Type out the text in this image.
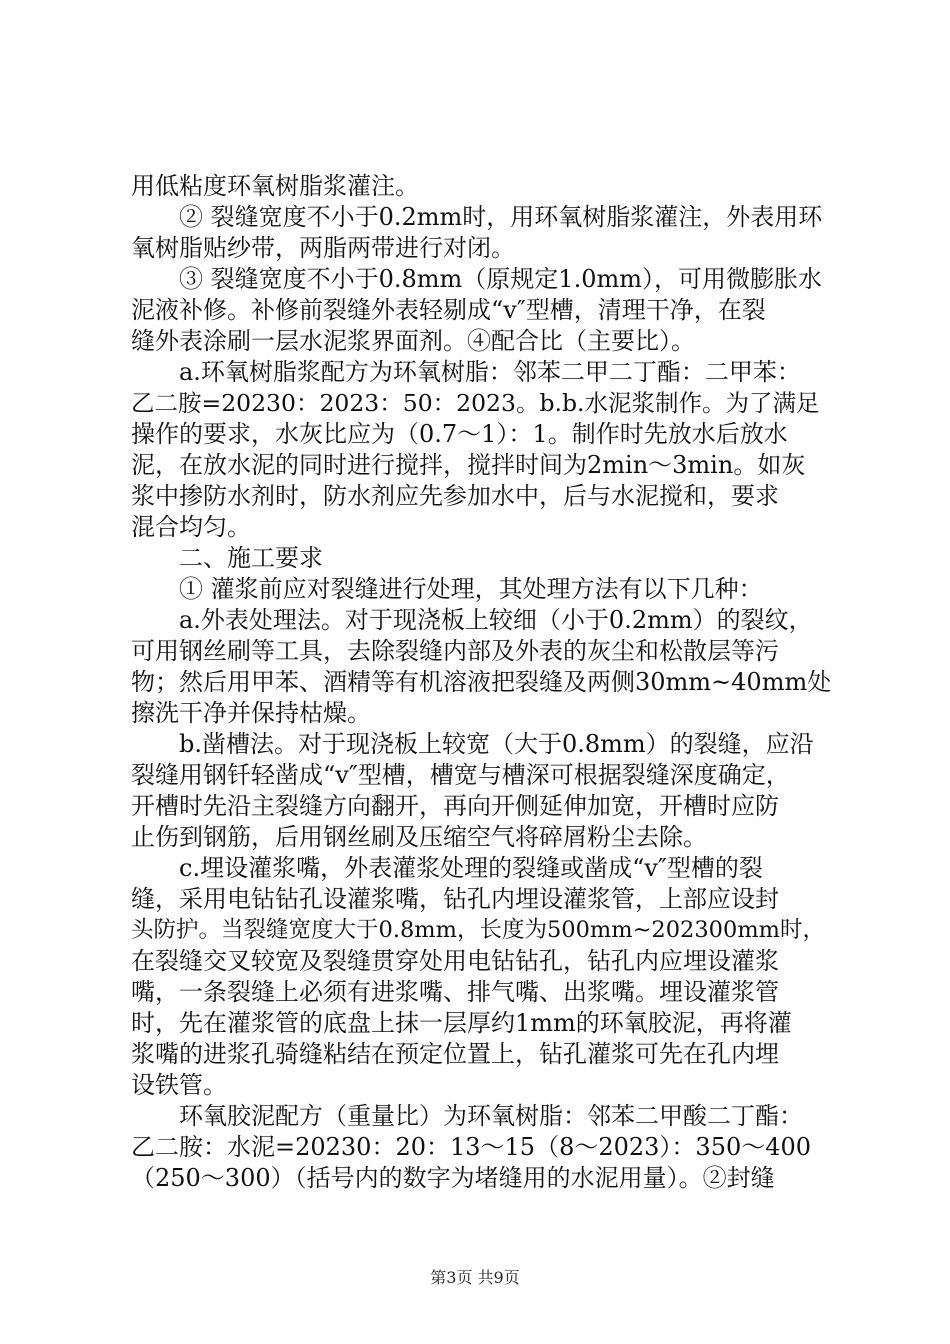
用低粘度环氧树脂浆灌注。
　　② 裂缝宽度不小于0.2mm时，用环氧树脂浆灌注，外表用环
氧树脂贴纱带，两脂两带进行对闭。
　　③ 裂缝宽度不小于0.8mm（原规定1.0mm），可用微膨胀水
泥液补修。补修前裂缝外表轻剔成“v″型槽，清理干净，在裂
缝外表涂刷一层水泥浆界面剂。④配合比（主要比）。
　　a.环氧树脂浆配方为环氧树脂：邻苯二甲二丁酯：二甲苯：
乙二胺=20230：2023：50：2023。b.b.水泥浆制作。为了满足
操作的要求，水灰比应为（0.7～1）：1。制作时先放水后放水
泥，在放水泥的同时进行搅拌，搅拌时间为2min～3min。如灰
浆中掺防水剂时，防水剂应先参加水中，后与水泥搅和，要求
混合均匀。
　　二、施工要求
　　① 灌浆前应对裂缝进行处理，其处理方法有以下几种：
　　a.外表处理法。对于现浇板上较细（小于0.2mm）的裂纹，
可用钢丝刷等工具，去除裂缝内部及外表的灰尘和松散层等污
物；然后用甲苯、酒精等有机溶液把裂缝及两侧30mm~40mm处
擦洗干净并保持枯燥。
　　b.凿槽法。对于现浇板上较宽（大于0.8mm）的裂缝，应沿
裂缝用钢钎轻凿成“v″型槽，槽宽与槽深可根据裂缝深度确定，
开槽时先沿主裂缝方向翻开，再向开侧延伸加宽，开槽时应防
止伤到钢筋，后用钢丝刷及压缩空气将碎屑粉尘去除。
　　c.埋设灌浆嘴，外表灌浆处理的裂缝或凿成“v″型槽的裂
缝，采用电钻钻孔设灌浆嘴，钻孔内埋设灌浆管，上部应设封
头防护。当裂缝宽度大于0.8mm，长度为500mm~202300mm时，
在裂缝交叉较宽及裂缝贯穿处用电钻钻孔，钻孔内应埋设灌浆
嘴，一条裂缝上必须有进浆嘴、排气嘴、出浆嘴。埋设灌浆管
时，先在灌浆管的底盘上抹一层厚约1mm的环氧胶泥，再将灌
浆嘴的进浆孔骑缝粘结在预定位置上，钻孔灌浆可先在孔内埋
设铁管。
　　环氧胶泥配方（重量比）为环氧树脂：邻苯二甲酸二丁酯：
乙二胺：水泥=20230：20：13～15（8～2023）：350～400
（250～300）（括号内的数字为堵缝用的水泥用量）。②封缝
第3页 共9页
